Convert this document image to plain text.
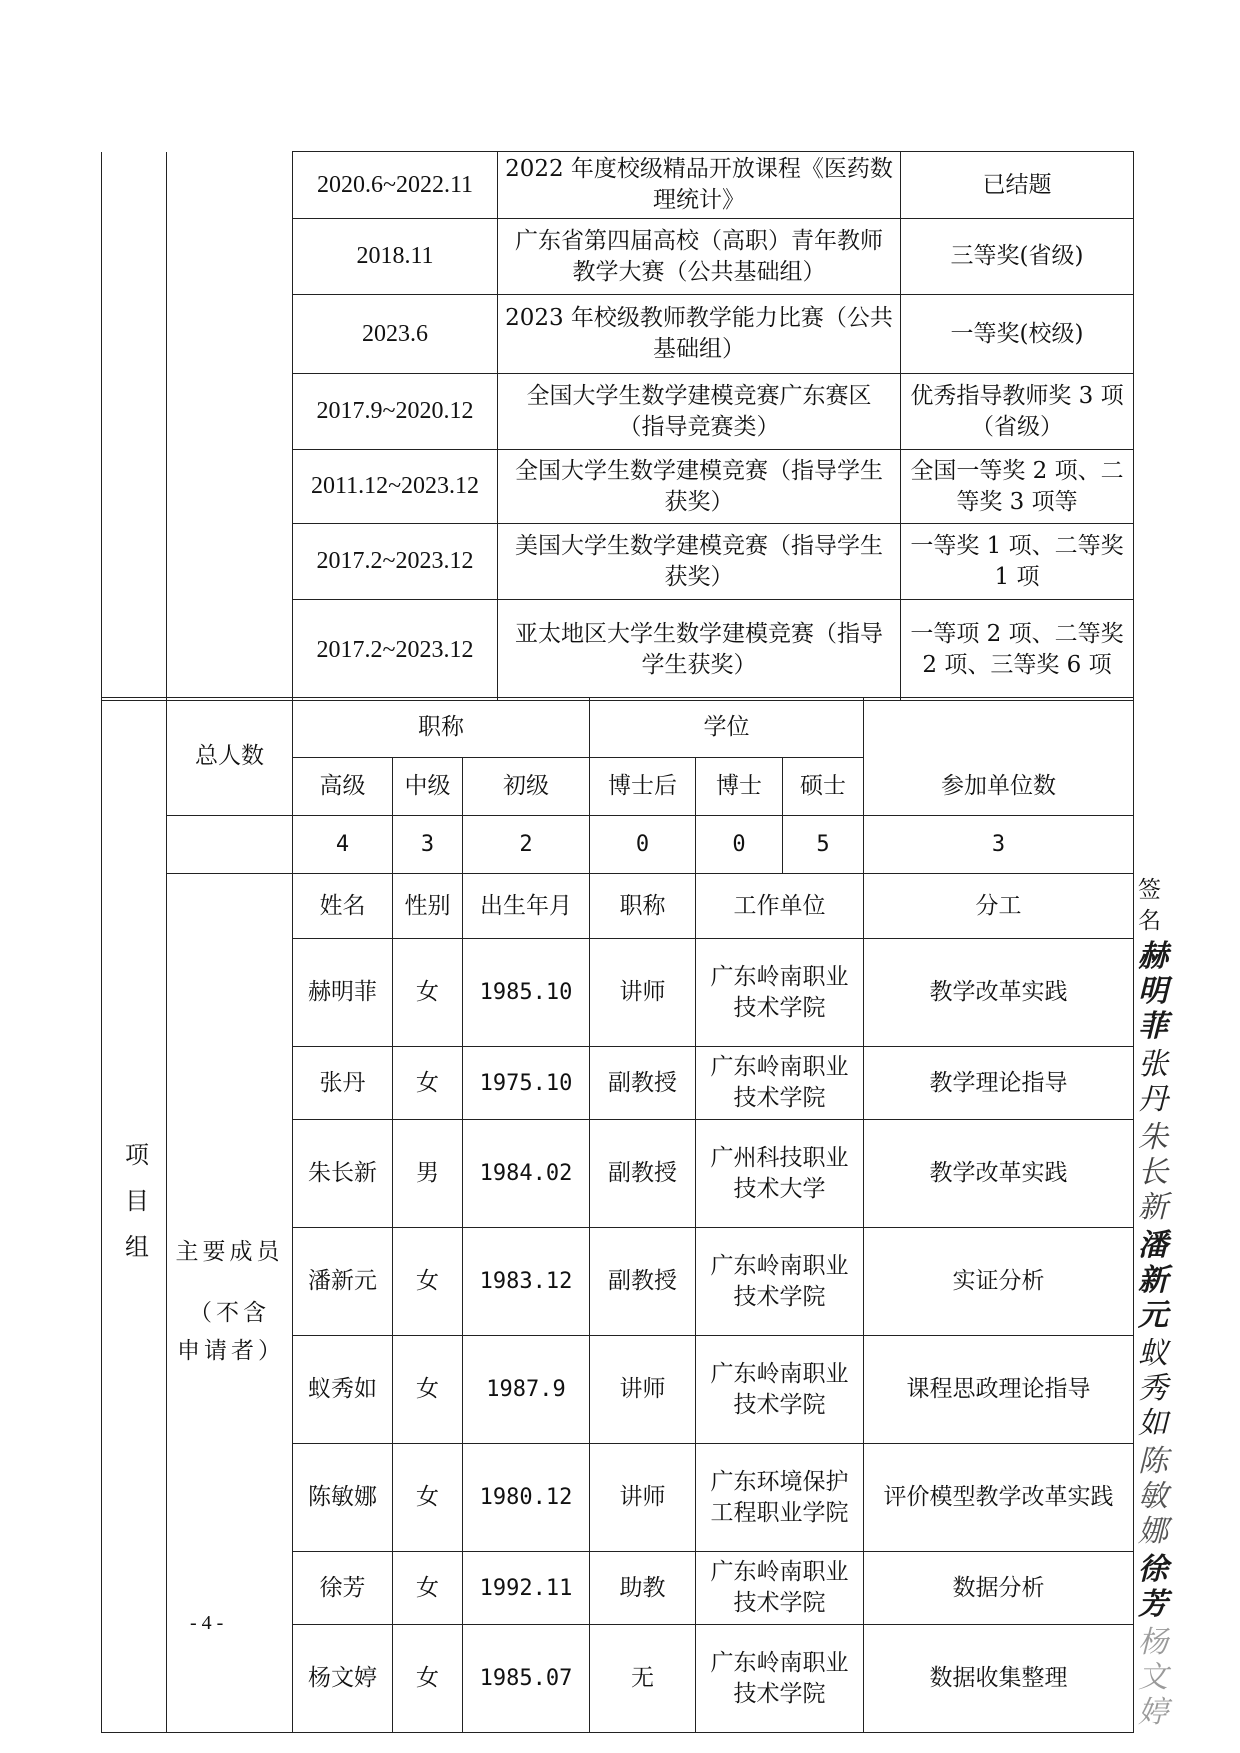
		2020.6~2022.11	2022 年度校级精品开放课程《医药数理统计》	已结题
		2018.11	广东省第四届高校（高职）青年教师教学大赛（公共基础组）	三等奖(省级)
		2023.6	2023 年校级教师教学能力比赛（公共基础组）	一等奖(校级)
		2017.9~2020.12	全国大学生数学建模竞赛广东赛区（指导竞赛类）	优秀指导教师奖 3 项（省级）
		2011.12~2023.12	全国大学生数学建模竞赛（指导学生获奖）	全国一等奖 2 项、二等奖 3 项等
		2017.2~2023.12	美国大学生数学建模竞赛（指导学生获奖）	一等奖 1 项、二等奖 1 项
		2017.2~2023.12	亚太地区大学生数学建模竞赛（指导学生获奖）	一等项 2 项、二等奖 2 项、三等奖 6 项
项目组	总人数	职称			学位				
		高级	中级	初级	博士后	博士	硕士	参加单位数	
		4	3	2	0	0	5	3	

	主要成员
（不含申请者）	姓名	性别	出生年月	职称	工作单位		分工	签名
		赫明菲	女	1985.10	讲师	广东岭南职业技术学院		教学改革实践	赫明菲
		张丹	女	1975.10	副教授	广东岭南职业技术学院		教学理论指导	张丹
		朱长新	男	1984.02	副教授	广州科技职业技术大学		教学改革实践	朱长新
		潘新元	女	1983.12	副教授	广东岭南职业技术学院		实证分析	潘新元
		蚁秀如	女	1987.9	讲师	广东岭南职业技术学院		课程思政理论指导	蚁秀如
		陈敏娜	女	1980.12	讲师	广东环境保护工程职业学院		评价模型教学改革实践	陈敏娜
		徐芳	女	1992.11	助教	广东岭南职业技术学院		数据分析	徐芳
		杨文婷	女	1985.07	无	广东岭南职业技术学院		数据收集整理	杨文婷
- 4 -
